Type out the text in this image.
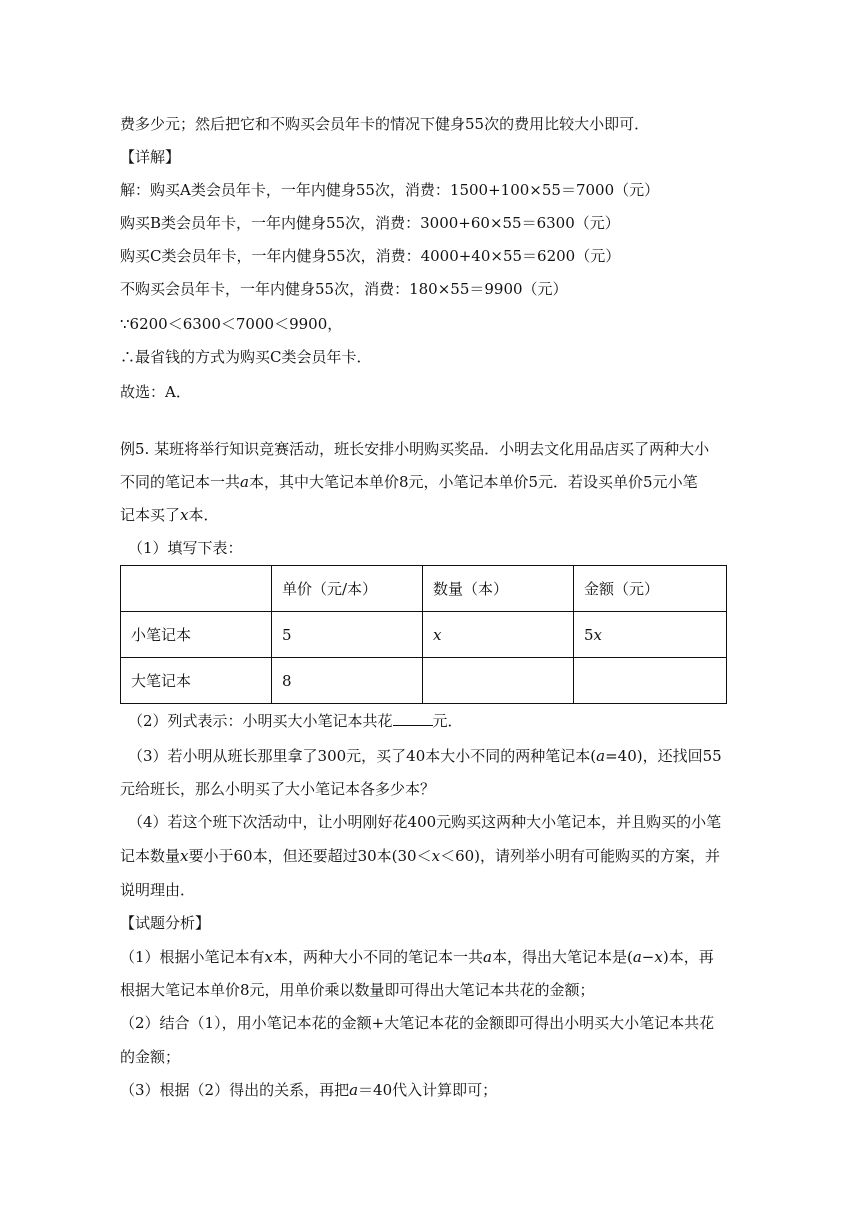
费多少元；然后把它和不购买会员年卡的情况下健身55次的费用比较大小即可．
【详解】
解：购买A类会员年卡，一年内健身55次，消费：1500+100×55＝7000（元）
购买B类会员年卡，一年内健身55次，消费：3000+60×55＝6300（元）
购买C类会员年卡，一年内健身55次，消费：4000+40×55＝6200（元）
不购买会员年卡，一年内健身55次，消费：180×55＝9900（元）
∵6200＜6300＜7000＜9900，
∴最省钱的方式为购买C类会员年卡．
故选：A．
例5. 某班将举行知识竞赛活动，班长安排小明购买奖品．小明去文化用品店买了两种大小
不同的笔记本一共a本，其中大笔记本单价8元，小笔记本单价5元．若设买单价5元小笔
记本买了x本．
（1）填写下表：
	单价（元/本）	数量（本）	金额（元）
小笔记本	5	x	5x
大笔记本	8		
（2）列式表示：小明买大小笔记本共花	元．
（3）若小明从班长那里拿了300元，买了40本大小不同的两种笔记本(a=40)，还找回55
元给班长，那么小明买了大小笔记本各多少本？
（4）若这个班下次活动中，让小明刚好花400元购买这两种大小笔记本，并且购买的小笔
记本数量x要小于60本，但还要超过30本(30＜x＜60)，请列举小明有可能购买的方案，并
说明理由．
【试题分析】
（1）根据小笔记本有x本，两种大小不同的笔记本一共a本，得出大笔记本是(a−x)本，再
根据大笔记本单价8元，用单价乘以数量即可得出大笔记本共花的金额；
（2）结合（1），用小笔记本花的金额+大笔记本花的金额即可得出小明买大小笔记本共花
的金额；
（3）根据（2）得出的关系，再把a＝40代入计算即可；
